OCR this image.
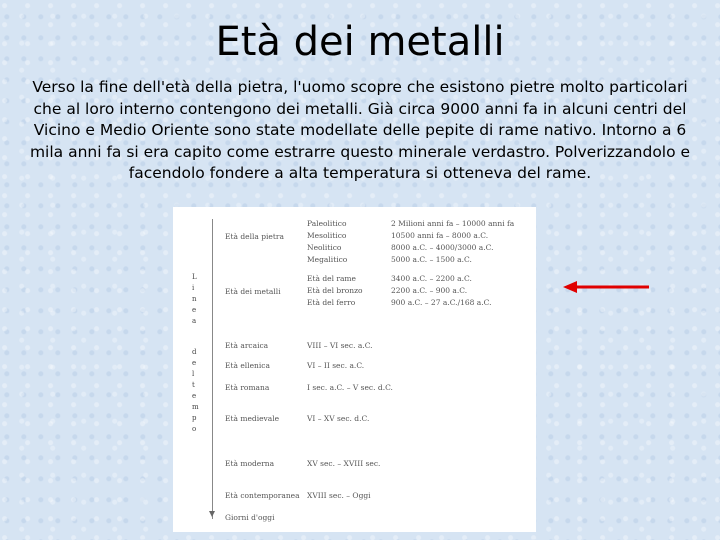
Età dei metalli
Verso la fine dell'età della pietra, l'uomo scopre che esistono pietre molto particolari che al loro interno contengono dei metalli. Già circa 9000 anni fa in alcuni centri del Vicino e Medio Oriente sono state modellate delle pepite di rame nativo. Intorno a 6 mila anni fa si era capito come estrarre questo minerale verdastro. Polverizzandolo e facendolo fondere a alta temperatura si otteneva del rame.
L
i
n
e
a
d
e
l
t
e
m
p
o
Età della pietra
Età dei metalli
Età arcaica
Età ellenica
Età romana
Età medievale
Età moderna
Età contemporanea
Paleolitico
Mesolitico
Neolitico
Megalitico
Età del rame
Età del bronzo
Età del ferro
2 Milioni anni fa – 10000 anni fa
10500 anni fa – 8000 a.C.
8000 a.C. – 4000/3000 a.C.
5000 a.C. – 1500 a.C.
3400 a.C. – 2200 a.C.
2200 a.C. – 900 a.C.
900 a.C. – 27 a.C./168 a.C.
VIII – VI sec. a.C.
VI – II sec. a.C.
I sec. a.C. – V sec. d.C.
VI – XV sec. d.C.
XV sec. – XVIII sec.
XVIII sec. – Oggi
Giorni d'oggi
